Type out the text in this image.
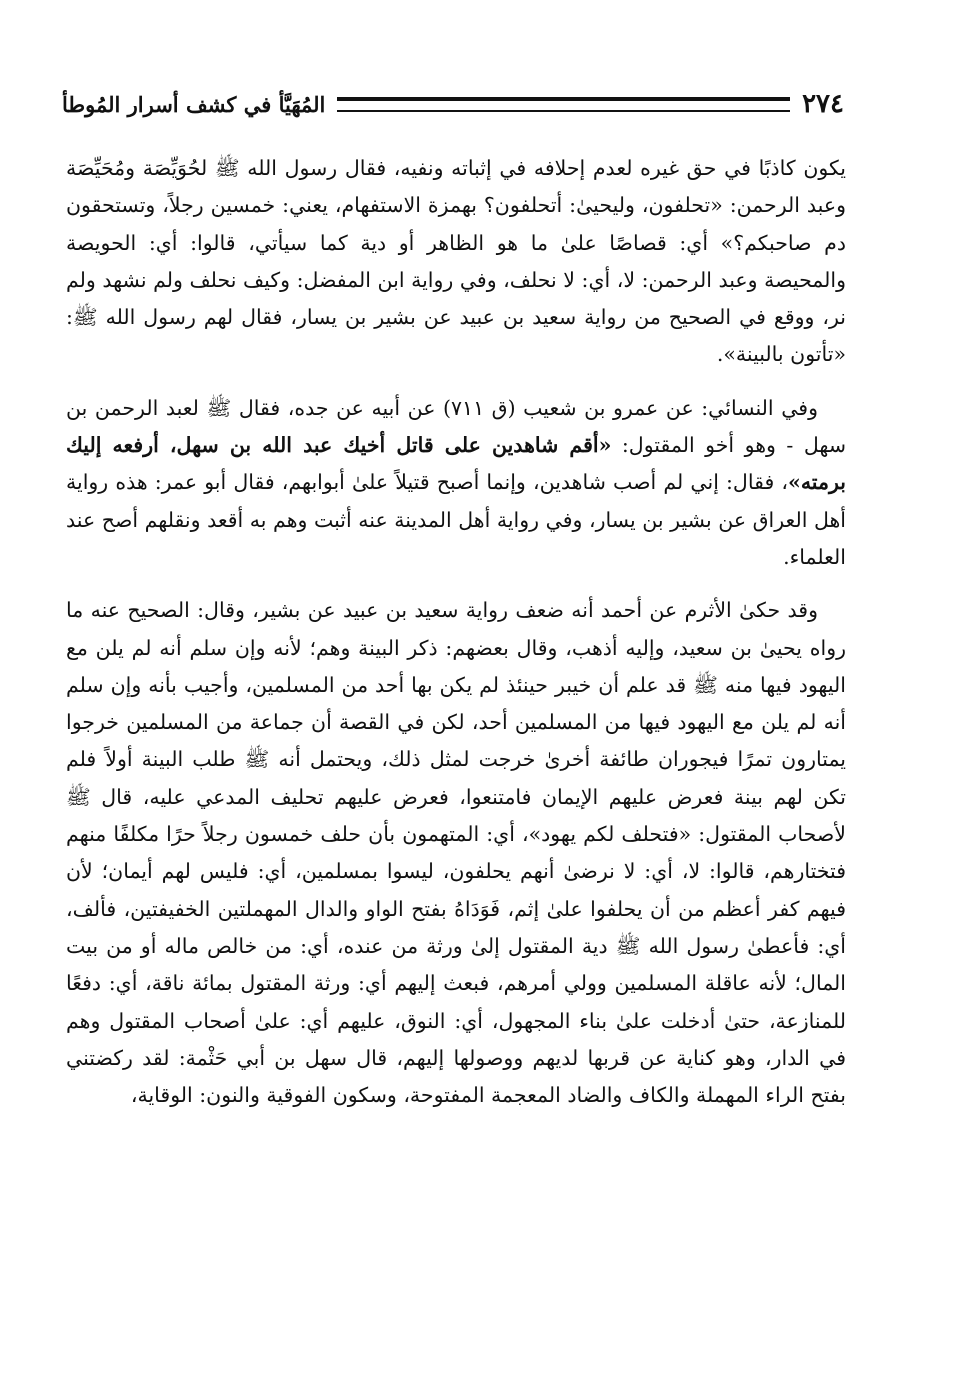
٢٧٤
المُهَيَّأ في كشف أسرار المُوطأ

يكون كاذبًا في حق غيره لعدم إحلافه في إثباته ونفيه، فقال رسول الله ﷺ لحُوَيِّصَة ومُحَيِّصَة وعبد الرحمن: «تحلفون، وليحيىٰ: أتحلفون؟ بهمزة الاستفهام، يعني: خمسين رجلاً، وتستحقون دم صاحبكم؟» أي: قصاصًا علىٰ ما هو الظاهر أو دية كما سيأتي، قالوا: أي: الحويصة والمحيصة وعبد الرحمن: لا، أي: لا نحلف، وفي رواية ابن المفضل: وكيف نحلف ولم نشهد ولم نر، ووقع في الصحيح من رواية سعيد بن عبيد عن بشير بن يسار، فقال لهم رسول الله ﷺ: «تأتون بالبينة».

وفي النسائي: عن عمرو بن شعيب (ق ٧١١) عن أبيه عن جده، فقال ﷺ لعبد الرحمن بن سهل - وهو أخو المقتول: «أقم شاهدين على قاتل أخيك عبد الله بن سهل، أرفعه إليك برمته»، فقال: إني لم أصب شاهدين، وإنما أصبح قتيلاً علىٰ أبوابهم، فقال أبو عمر: هذه رواية أهل العراق عن بشير بن يسار، وفي رواية أهل المدينة عنه أثبت وهم به أقعد ونقلهم أصح عند العلماء.

وقد حكىٰ الأثرم عن أحمد أنه ضعف رواية سعيد بن عبيد عن بشير، وقال: الصحيح عنه ما رواه يحيىٰ بن سعيد، وإليه أذهب، وقال بعضهم: ذكر البينة وهم؛ لأنه وإن سلم أنه لم يلن مع اليهود فيها منه ﷺ قد علم أن خيبر حينئذ لم يكن بها أحد من المسلمين، وأجيب بأنه وإن سلم أنه لم يلن مع اليهود فيها من المسلمين أحد، لكن في القصة أن جماعة من المسلمين خرجوا يمتارون تمرًا فيجوران طائفة أخرىٰ خرجت لمثل ذلك، ويحتمل أنه ﷺ طلب البينة أولاً فلم تكن لهم بينة فعرض عليهم الإيمان فامتنعوا، فعرض عليهم تحليف المدعي عليه، قال ﷺ لأصحاب المقتول: «فتحلف لكم يهود»، أي: المتهمون بأن حلف خمسون رجلاً حرًا مكلفًا منهم فتختارهم، قالوا: لا، أي: لا نرضىٰ أنهم يحلفون، ليسوا بمسلمين، أي: فليس لهم أيمان؛ لأن فيهم كفر أعظم من أن يحلفوا علىٰ إثم، فَوَدَاهُ بفتح الواو والدال المهملتين الخفيفتين، فألف، أي: فأعطىٰ رسول الله ﷺ دية المقتول إلىٰ ورثة من عنده، أي: من خالص ماله أو من بيت المال؛ لأنه عاقلة المسلمين وولي أمرهم، فبعث إليهم أي: ورثة المقتول بمائة ناقة، أي: دفعًا للمنازعة، حتىٰ أدخلت علىٰ بناء المجهول، أي: النوق، عليهم أي: علىٰ أصحاب المقتول وهم في الدار، وهو كناية عن قربها لديهم ووصولها إليهم، قال سهل بن أبي حَثْمة: لقد ركضتني بفتح الراء المهملة والكاف والضاد المعجمة المفتوحة، وسكون الفوقية والنون: الوقاية،
